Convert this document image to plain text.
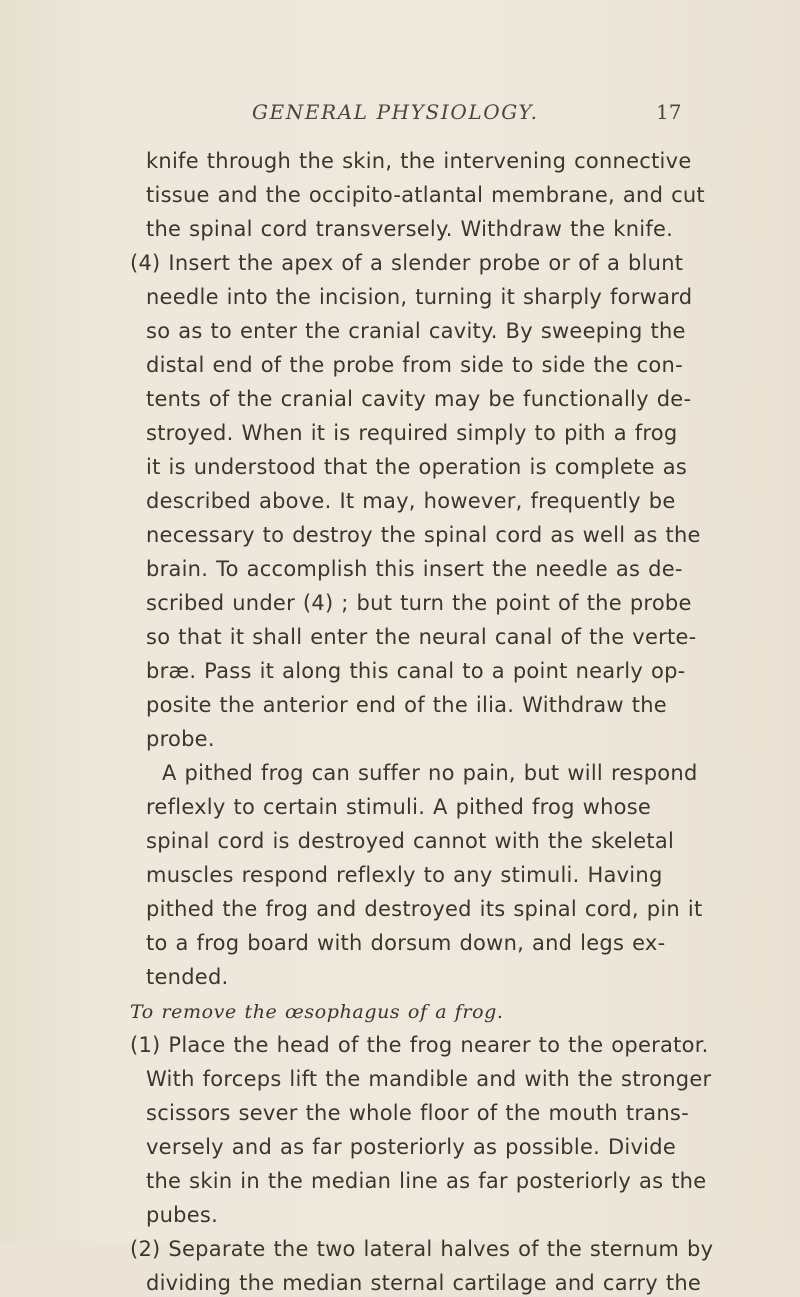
GENERAL PHYSIOLOGY.	17
knife through the skin, the intervening connective
tissue and the occipito-atlantal membrane, and cut
the spinal cord transversely. Withdraw the knife.
(4) Insert the apex of a slender probe or of a blunt
needle into the incision, turning it sharply forward
so as to enter the cranial cavity. By sweeping the
distal end of the probe from side to side the con-
tents of the cranial cavity may be functionally de-
stroyed. When it is required simply to pith a frog
it is understood that the operation is complete as
described above. It may, however, frequently be
necessary to destroy the spinal cord as well as the
brain. To accomplish this insert the needle as de-
scribed under (4) ; but turn the point of the probe
so that it shall enter the neural canal of the verte-
bræ. Pass it along this canal to a point nearly op-
posite the anterior end of the ilia. Withdraw the
probe.
A pithed frog can suffer no pain, but will respond
reflexly to certain stimuli. A pithed frog whose
spinal cord is destroyed cannot with the skeletal
muscles respond reflexly to any stimuli. Having
pithed the frog and destroyed its spinal cord, pin it
to a frog board with dorsum down, and legs ex-
tended.
To remove the œsophagus of a frog.
(1) Place the head of the frog nearer to the operator.
With forceps lift the mandible and with the stronger
scissors sever the whole floor of the mouth trans-
versely and as far posteriorly as possible. Divide
the skin in the median line as far posteriorly as the
pubes.
(2) Separate the two lateral halves of the sternum by
dividing the median sternal cartilage and carry the
